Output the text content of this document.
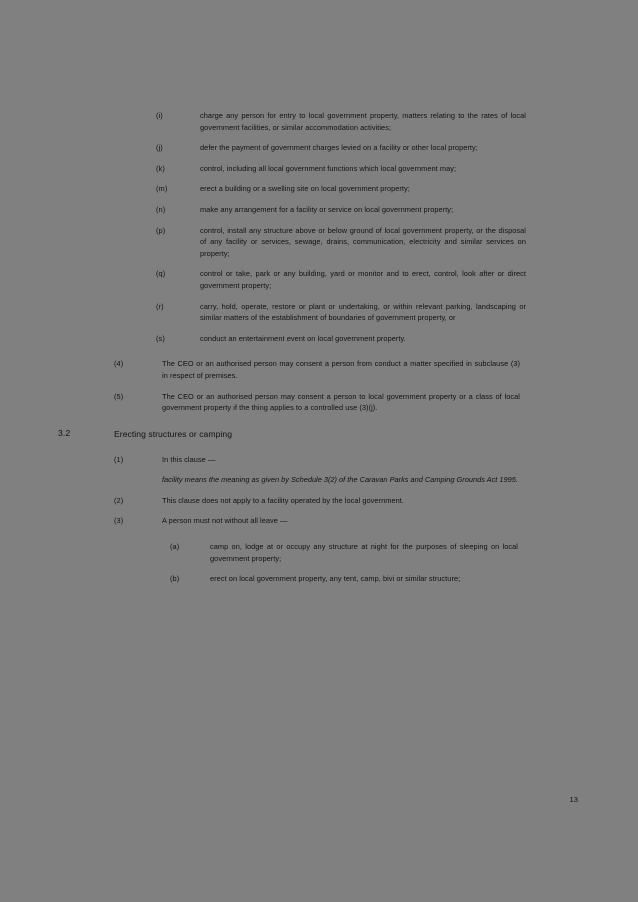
(i)	charge any person for entry to local government property, matters relating to the rates of local government facilities, or similar accommodation activities;
(j)	defer the payment of government charges levied on a facility or other local property;
(k)	control, including all local government functions which local government may;
(m)	erect a building or a swelling site on local government property;
(n)	make any arrangement for a facility or service on local government property;
(p)	control, install any structure above or below ground of local government property, or the disposal of any facility or services, sewage, drains, communication, electricity and similar services on property;
(q)	control or take, park or any building, yard or monitor and to erect, control, look after or direct government property;
(r)	carry, hold, operate, restore or plant or undertaking, or within relevant parking, landscaping or similar matters of the establishment of boundaries of government property, or
(s)	conduct an entertainment event on local government property.
(4)	The CEO or an authorised person may consent a person from conduct a matter specified in subclause (3) in respect of premises.
(5)	The CEO or an authorised person may consent a person to local government property or a class of local government property if the thing applies to a controlled use (3)(j).
3.2	Erecting structures or camping
(1)	In this clause —
facility means the meaning as given by Schedule 3(2) of the Caravan Parks and Camping Grounds Act 1995.
(2)	This clause does not apply to a facility operated by the local government.
(3)	A person must not without all leave —
(a)	camp on, lodge at or occupy any structure at night for the purposes of sleeping on local government property;
(b)	erect on local government property, any tent, camp, bivi or similar structure;
13
